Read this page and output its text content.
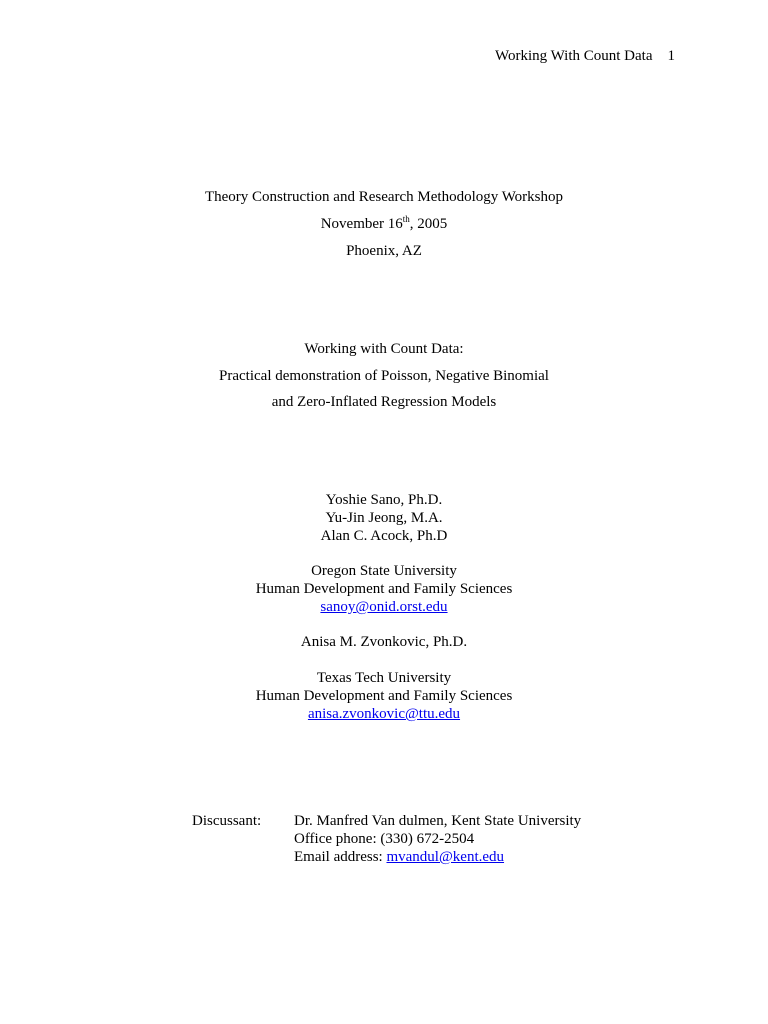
Working With Count Data 1
Theory Construction and Research Methodology Workshop
November 16th, 2005
Phoenix, AZ
Working with Count Data:
Practical demonstration of Poisson, Negative Binomial
and Zero-Inflated Regression Models
Yoshie Sano, Ph.D.
Yu-Jin Jeong, M.A.
Alan C. Acock, Ph.D
Oregon State University
Human Development and Family Sciences
sanoy@onid.orst.edu
Anisa M. Zvonkovic, Ph.D.
Texas Tech University
Human Development and Family Sciences
anisa.zvonkovic@ttu.edu
Discussant: Dr. Manfred Van dulmen, Kent State University
Office phone: (330) 672-2504
Email address: mvandul@kent.edu
